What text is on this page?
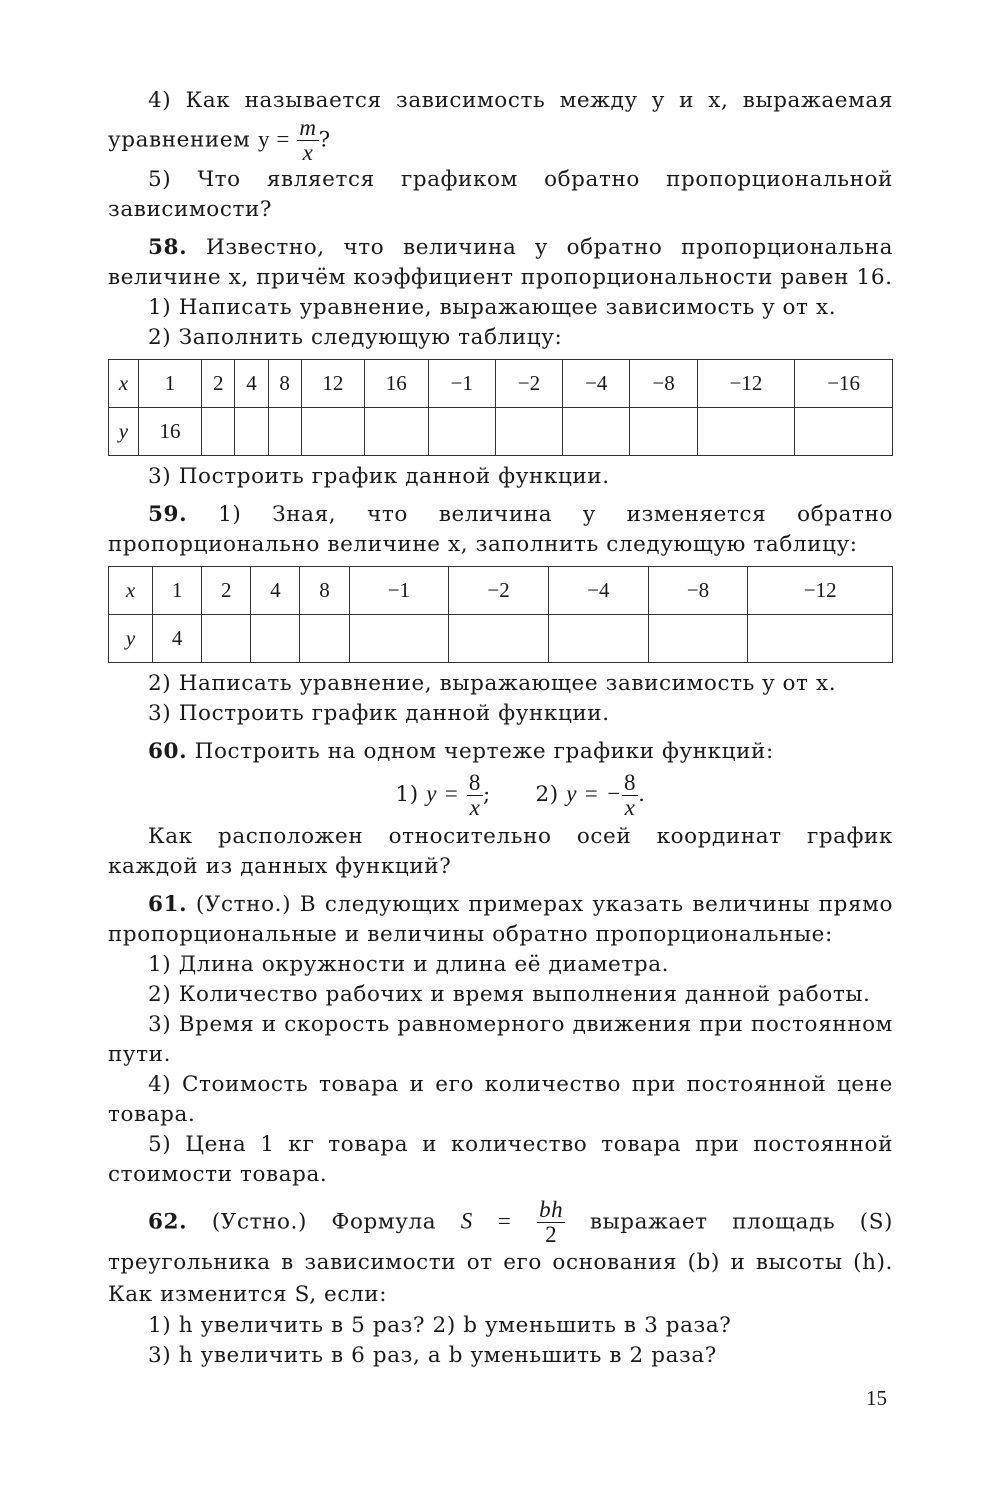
4) Как называется зависимость между y и x, выражаемая уравнением $y = \frac{m}{x}$ ?

5) Что является графиком обратно пропорциональной зависимости?

58. Известно, что величина y обратно пропорциональна величине x, причём коэффициент пропорциональности равен 16.

1) Написать уравнение, выражающее зависимость y от x.

2) Заполнить следующую таблицу:

x	1	2	4	8	12	16	−1	−2	−4	−8	−12	−16
y	16											

3) Построить график данной функции.

59. 1) Зная, что величина y изменяется обратно пропорционально величине x, заполнить следующую таблицу:

x	1	2	4	8	−1	−2	−4	−8	−12
y	4								

2) Написать уравнение, выражающее зависимость y от x.

3) Построить график данной функции.

60. Построить на одном чертеже графики функций:

1) $y = \frac{8}{x}$ ; 2) y = − $\frac{8}{x}$ .

Как расположен относительно осей координат график каждой из данных функций?

61. (Устно.) В следующих примерах указать величины прямо пропорциональные и величины обратно пропорциональные:

1) Длина окружности и длина её диаметра.

2) Количество рабочих и время выполнения данной работы.

3) Время и скорость равномерного движения при постоянном пути.

4) Стоимость товара и его количество при постоянной цене товара.

5) Цена 1 кг товара и количество товара при постоянной стоимости товара.

62. (Устно.) Формула $S = \frac{bh}{2}$ выражает площадь (S) треугольника в зависимости от его основания (b) и высоты (h). Как изменится S, если:

1) h увеличить в 5 раз? 2) b уменьшить в 3 раза?

3) h увеличить в 6 раз, а b уменьшить в 2 раза?

15
